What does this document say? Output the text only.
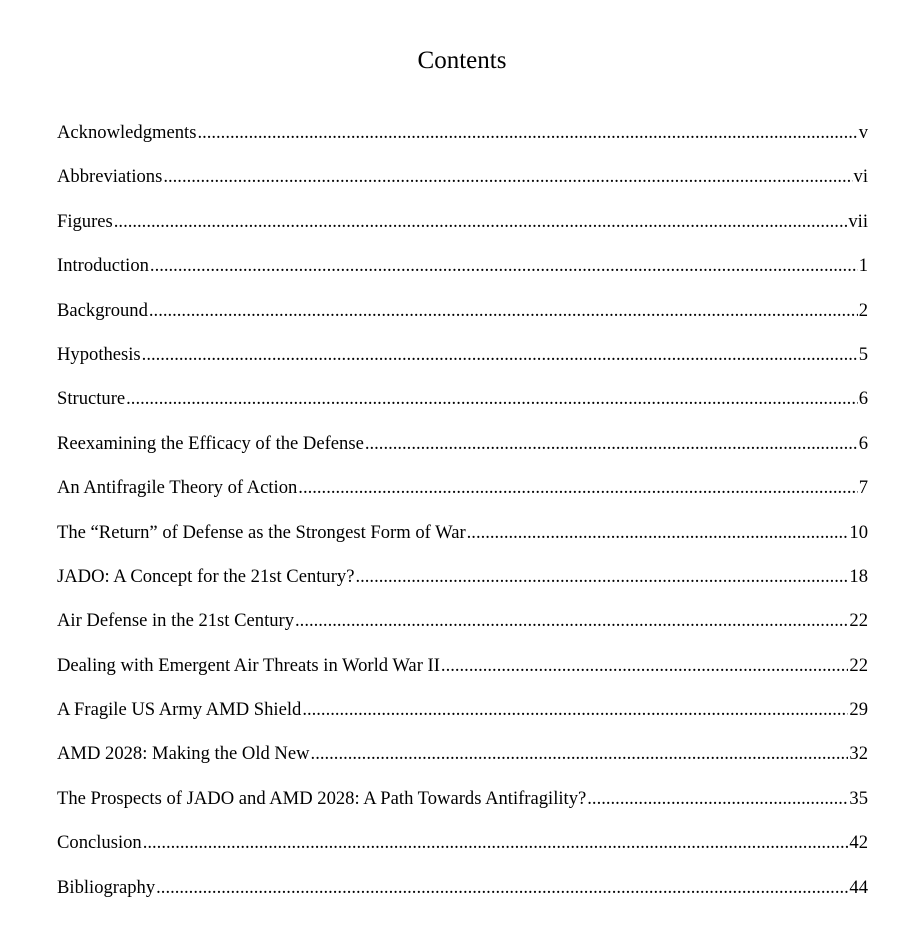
Contents
Acknowledgments .....	v
Abbreviations .....	vi
Figures .....	vii
Introduction .....	1
Background .....	2
Hypothesis .....	5
Structure .....	6
Reexamining the Efficacy of the Defense .....	6
An Antifragile Theory of Action .....	7
The “Return” of Defense as the Strongest Form of War .....	10
JADO: A Concept for the 21st Century? .....	18
Air Defense in the 21st Century .....	22
Dealing with Emergent Air Threats in World War II .....	22
A Fragile US Army AMD Shield .....	29
AMD 2028: Making the Old New .....	32
The Prospects of JADO and AMD 2028: A Path Towards Antifragility? .....	35
Conclusion .....	42
Bibliography .....	44
